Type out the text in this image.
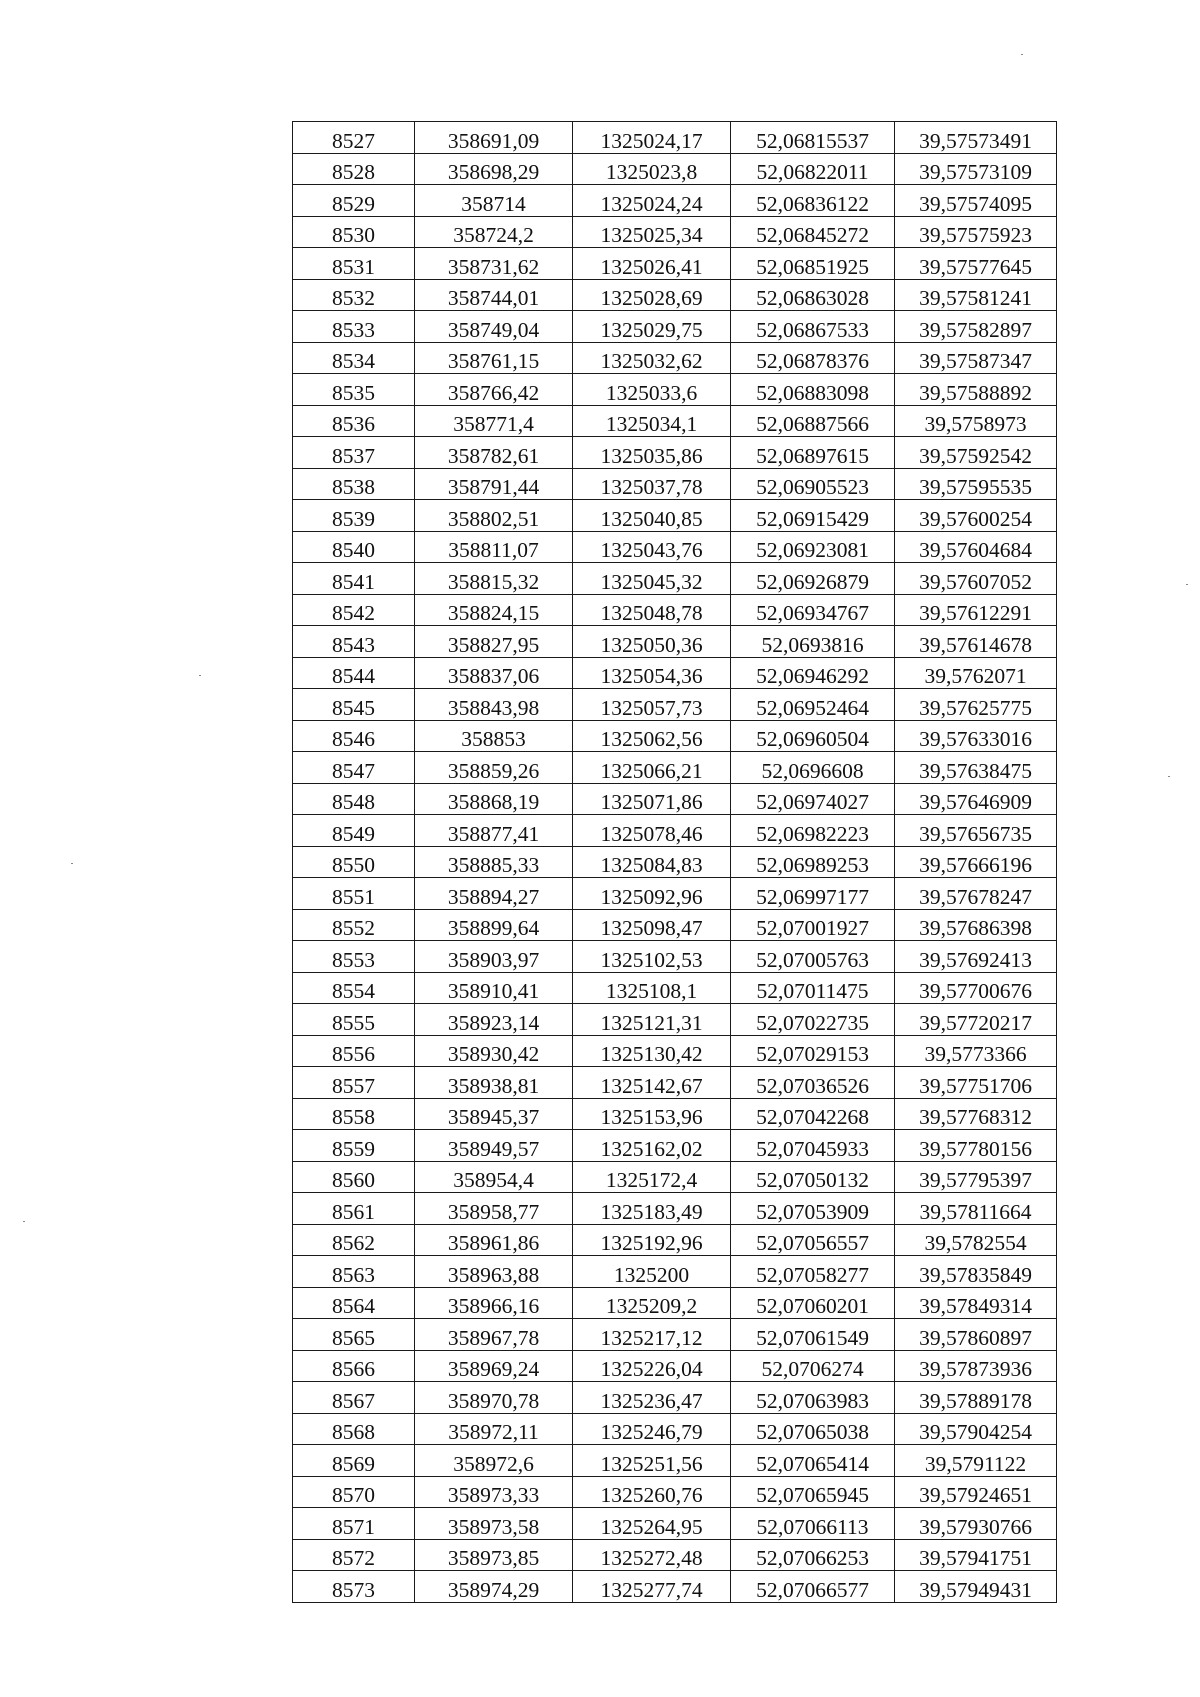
8527	358691,09	1325024,17	52,06815537	39,57573491
8528	358698,29	1325023,8	52,06822011	39,57573109
8529	358714	1325024,24	52,06836122	39,57574095
8530	358724,2	1325025,34	52,06845272	39,57575923
8531	358731,62	1325026,41	52,06851925	39,57577645
8532	358744,01	1325028,69	52,06863028	39,57581241
8533	358749,04	1325029,75	52,06867533	39,57582897
8534	358761,15	1325032,62	52,06878376	39,57587347
8535	358766,42	1325033,6	52,06883098	39,57588892
8536	358771,4	1325034,1	52,06887566	39,5758973
8537	358782,61	1325035,86	52,06897615	39,57592542
8538	358791,44	1325037,78	52,06905523	39,57595535
8539	358802,51	1325040,85	52,06915429	39,57600254
8540	358811,07	1325043,76	52,06923081	39,57604684
8541	358815,32	1325045,32	52,06926879	39,57607052
8542	358824,15	1325048,78	52,06934767	39,57612291
8543	358827,95	1325050,36	52,0693816	39,57614678
8544	358837,06	1325054,36	52,06946292	39,5762071
8545	358843,98	1325057,73	52,06952464	39,57625775
8546	358853	1325062,56	52,06960504	39,57633016
8547	358859,26	1325066,21	52,0696608	39,57638475
8548	358868,19	1325071,86	52,06974027	39,57646909
8549	358877,41	1325078,46	52,06982223	39,57656735
8550	358885,33	1325084,83	52,06989253	39,57666196
8551	358894,27	1325092,96	52,06997177	39,57678247
8552	358899,64	1325098,47	52,07001927	39,57686398
8553	358903,97	1325102,53	52,07005763	39,57692413
8554	358910,41	1325108,1	52,07011475	39,57700676
8555	358923,14	1325121,31	52,07022735	39,57720217
8556	358930,42	1325130,42	52,07029153	39,5773366
8557	358938,81	1325142,67	52,07036526	39,57751706
8558	358945,37	1325153,96	52,07042268	39,57768312
8559	358949,57	1325162,02	52,07045933	39,57780156
8560	358954,4	1325172,4	52,07050132	39,57795397
8561	358958,77	1325183,49	52,07053909	39,57811664
8562	358961,86	1325192,96	52,07056557	39,5782554
8563	358963,88	1325200	52,07058277	39,57835849
8564	358966,16	1325209,2	52,07060201	39,57849314
8565	358967,78	1325217,12	52,07061549	39,57860897
8566	358969,24	1325226,04	52,0706274	39,57873936
8567	358970,78	1325236,47	52,07063983	39,57889178
8568	358972,11	1325246,79	52,07065038	39,57904254
8569	358972,6	1325251,56	52,07065414	39,5791122
8570	358973,33	1325260,76	52,07065945	39,57924651
8571	358973,58	1325264,95	52,07066113	39,57930766
8572	358973,85	1325272,48	52,07066253	39,57941751
8573	358974,29	1325277,74	52,07066577	39,57949431
